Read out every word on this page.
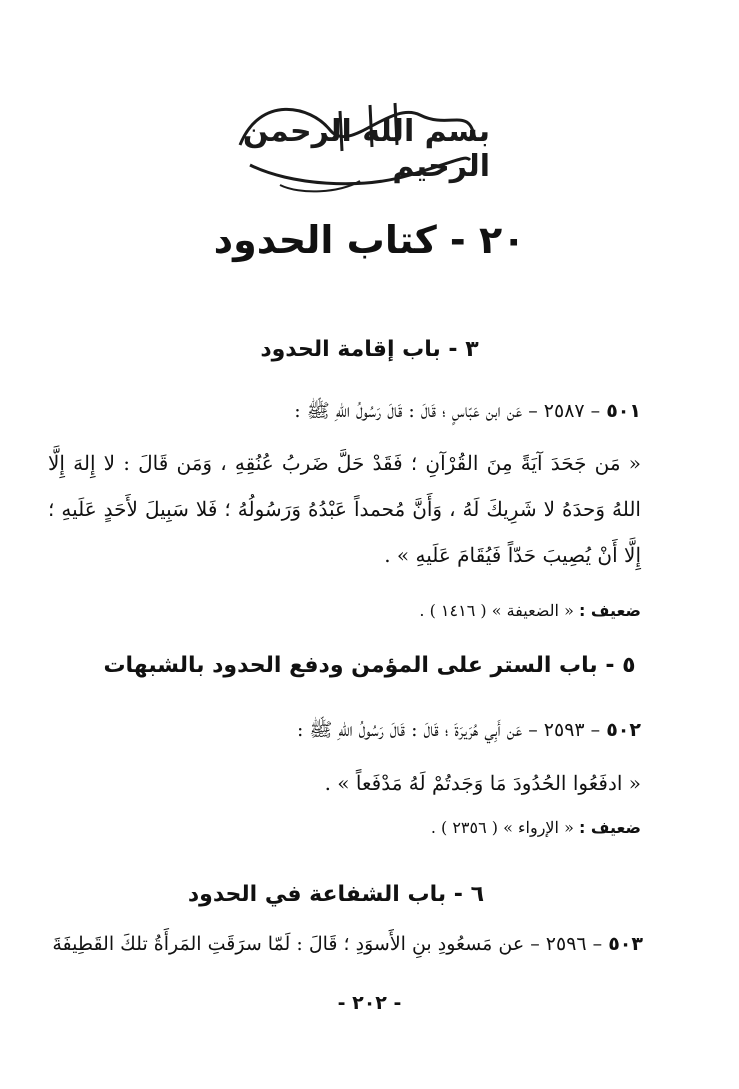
بسم الله الرحمن الرحيم
٢٠ - كتاب الحدود
٣ - باب إقامة الحدود
٥٠١ – ٢٥٨٧ – عَن ابن عَبّاسٍ ؛ قَالَ : قَالَ رَسُولُ اللهِ ﷺ :
« مَن جَحَدَ آيَةً مِنَ القُرْآنِ ؛ فَقَدْ حَلَّ ضَربُ عُنُقِهِ ، وَمَن قَالَ : لا إِلهَ إِلَّا اللهُ وَحدَهُ لا شَرِيكَ لَهُ ، وَأَنَّ مُحمداً عَبْدُهُ وَرَسُولُهُ ؛ فَلا سَبِيلَ لأَحَدٍ عَلَيهِ ؛ إِلَّا أَنْ يُصِيبَ حَدّاً فَيُقَامَ عَلَيهِ » .
ضعيف : « الضعيفة » ( ١٤١٦ ) .
٥ - باب الستر على المؤمن ودفع الحدود بالشبهات
٥٠٢ – ٢٥٩٣ – عَن أَبِي هُرَيرَةَ ؛ قَالَ : قَالَ رَسُولُ اللهِ ﷺ :
« ادفَعُوا الحُدُودَ مَا وَجَدتُمْ لَهُ مَدْفَعاً » .
ضعيف : « الإرواء » ( ٢٣٥٦ ) .
٦ - باب الشفاعة في الحدود
٥٠٣ – ٢٥٩٦ – عن مَسعُودِ بنِ الأَسوَدِ ؛ قَالَ : لَمّا سرَقَتِ المَرأَةُ تلكَ القَطِيفَةَ
- ٢٠٢ -
